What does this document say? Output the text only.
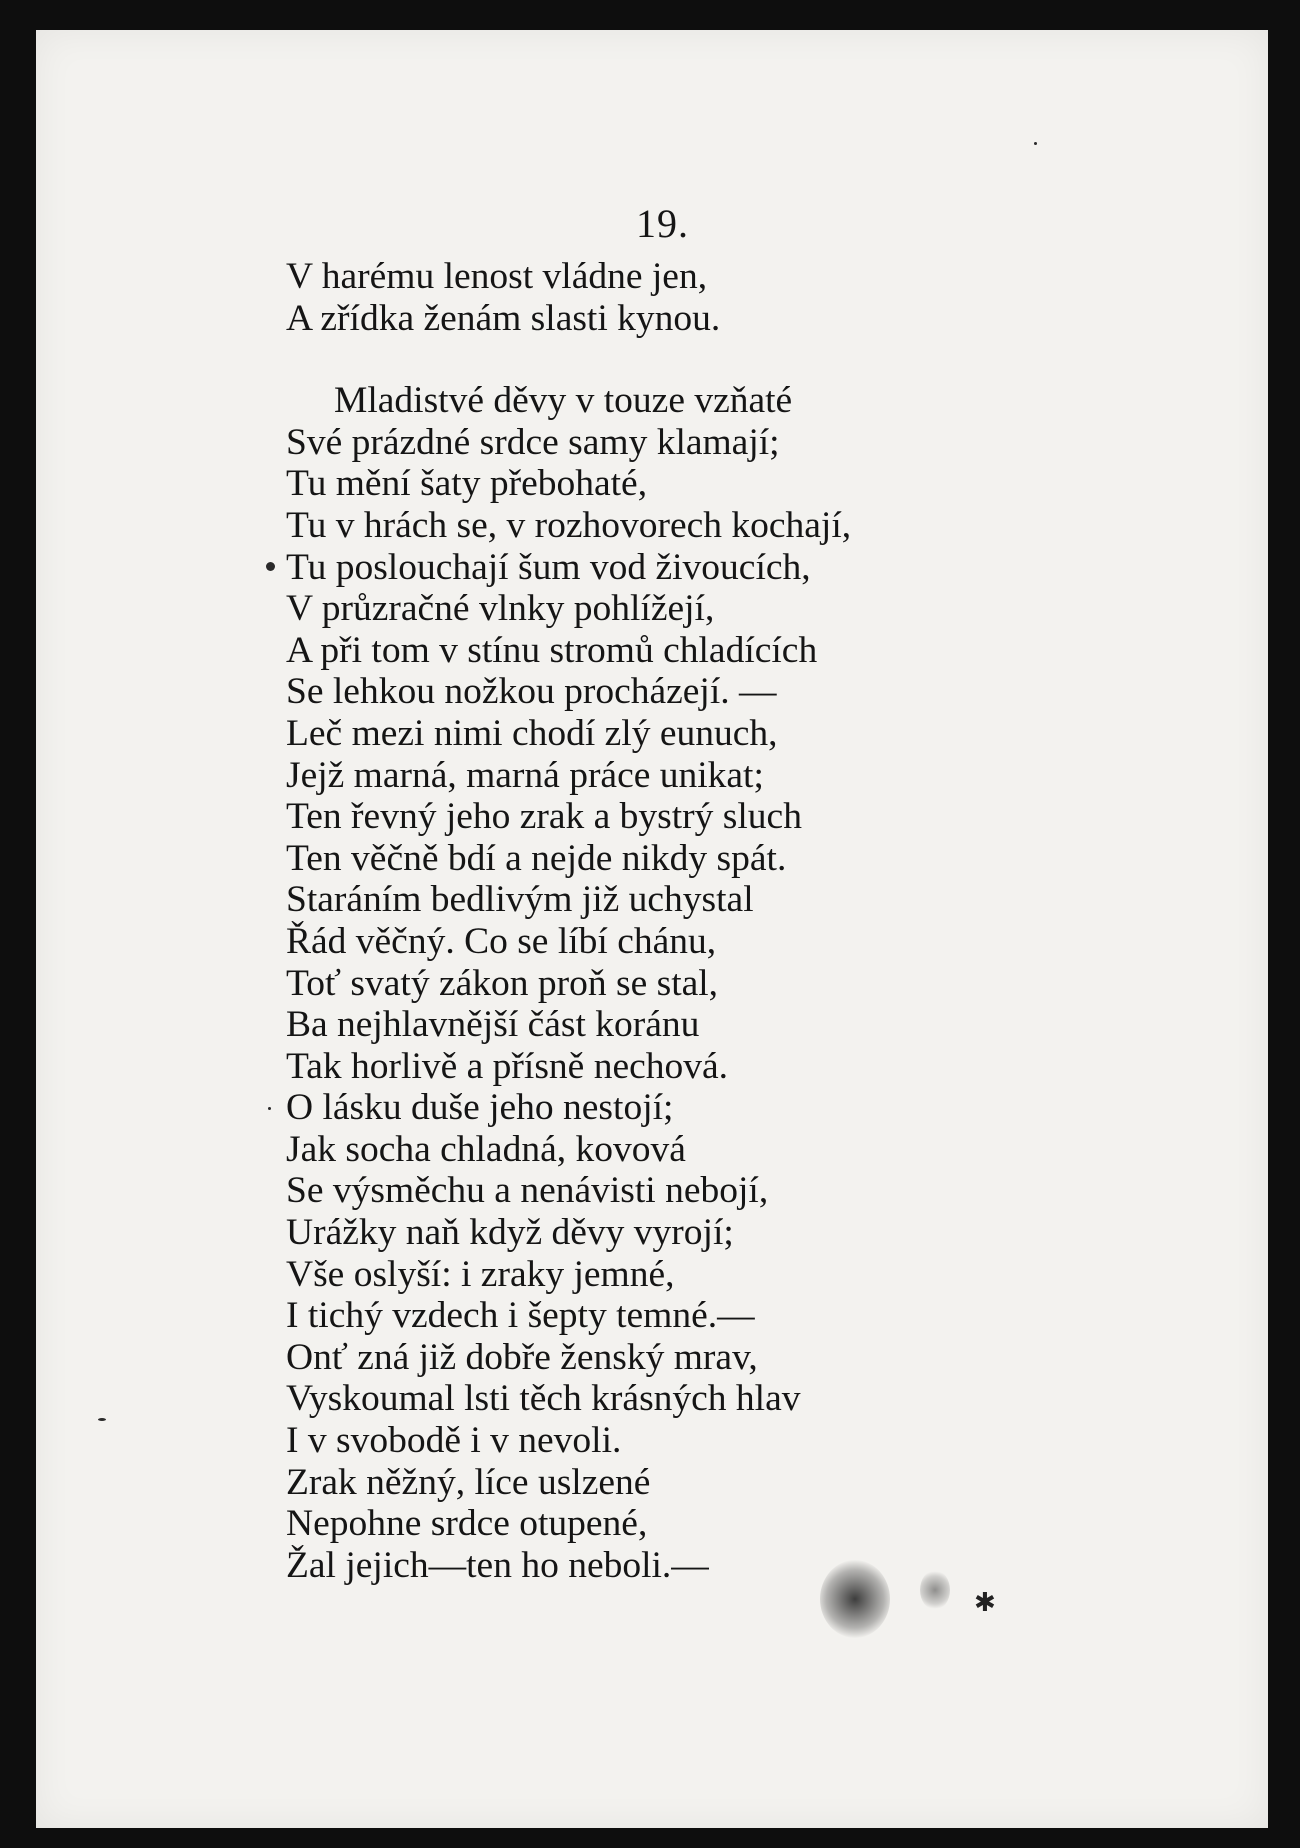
19.
V harému lenost vládne jen,
A zřídka ženám slasti kynou.
Mladistvé děvy v touze vzňaté
Své prázdné srdce samy klamají;
Tu mění šaty přebohaté,
Tu v hrách se, v rozhovorech kochají,
Tu poslouchají šum vod živoucích,
V průzračné vlnky pohlížejí,
A při tom v stínu stromů chladících
Se lehkou nožkou procházejí. —
Leč mezi nimi chodí zlý eunuch,
Jejž marná, marná práce unikat;
Ten řevný jeho zrak a bystrý sluch
Ten věčně bdí a nejde nikdy spát.
Staráním bedlivým již uchystal
Řád věčný. Co se líbí chánu,
Toť svatý zákon proň se stal,
Ba nejhlavnější část koránu
Tak horlivě a přísně nechová.
O lásku duše jeho nestojí;
Jak socha chladná, kovová
Se výsměchu a nenávisti nebojí,
Urážky naň když děvy vyrojí;
Vše oslyší: i zraky jemné,
I tichý vzdech i šepty temné.—
Onť zná již dobře ženský mrav,
Vyskoumal lsti těch krásných hlav
I v svobodě i v nevoli.
Zrak něžný, líce uslzené
Nepohne srdce otupené,
Žal jejich—ten ho neboli.—
✱
